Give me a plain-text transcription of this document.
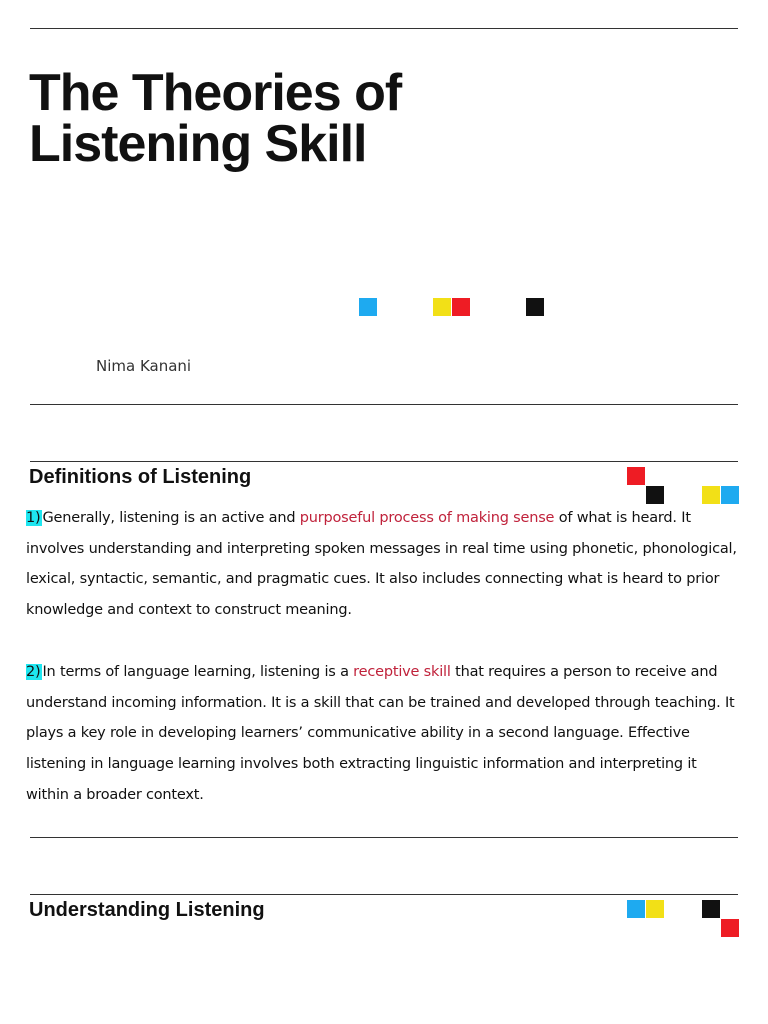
The Theories of
Listening Skill
Nima Kanani
Definitions of Listening

1) Generally, listening is an active and purposeful process of making sense of what is heard. It involves understanding and interpreting spoken messages in real time using phonetic, phonological, lexical, syntactic, semantic, and pragmatic cues. It also includes connecting what is heard to prior knowledge and context to construct meaning.

2) In terms of language learning, listening is a receptive skill that requires a person to receive and understand incoming information. It is a skill that can be trained and developed through teaching. It plays a key role in developing learners’ communicative ability in a second language. Effective listening in language learning involves both extracting linguistic information and interpreting it within a broader context.

Understanding Listening
